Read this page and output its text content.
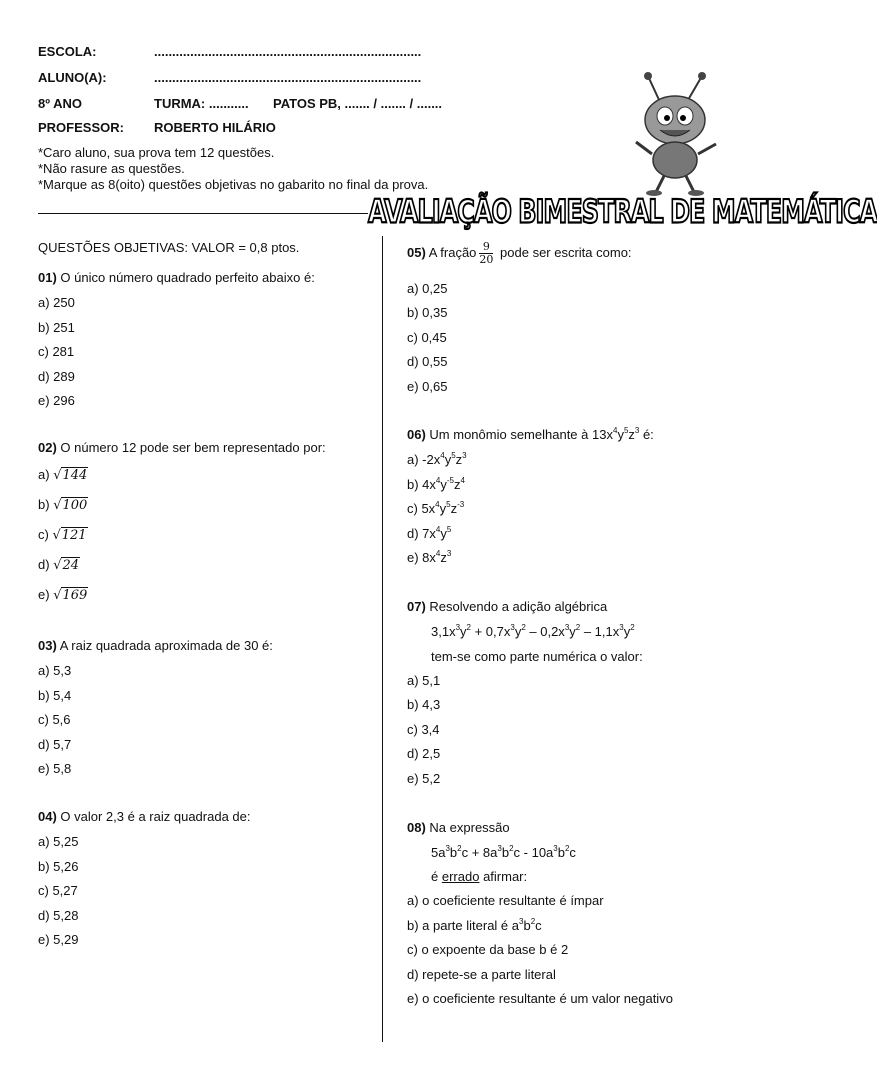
ESCOLA:	..........................................................................
ALUNO(A):	..........................................................................
8º ANO	TURMA: ........... PATOS PB, ....... / ....... / .......
PROFESSOR: ROBERTO HILÁRIO
*Caro aluno, sua prova tem 12 questões.
*Não rasure as questões.
*Marque as 8(oito) questões objetivas no gabarito no final da prova.
AVALIAÇÃO BIMESTRAL DE MATEMÁTICA
QUESTÕES OBJETIVAS: VALOR = 0,8 ptos.
01) O único número quadrado perfeito abaixo é:
a) 250
b) 251
c) 281
d) 289
e) 296
02) O número 12 pode ser bem representado por:
a) √144
b) √100
c) √121
d) √24
e) √169
03) A raiz quadrada aproximada de 30 é:
a) 5,3
b) 5,4
c) 5,6
d) 5,7
e) 5,8
04) O valor 2,3 é a raiz quadrada de:
a) 5,25
b) 5,26
c) 5,27
d) 5,28
e) 5,29
05) A fração $\frac{9}{20}$ pode ser escrita como:
a) 0,25
b) 0,35
c) 0,45
d) 0,55
e) 0,65
06) Um monômio semelhante à $13x^4y^5z^3$ é:
a) $-2x^4y^5z^3$
b) $4x^4y^{-5}z^4$
c) $5x^4y^5z^{-3}$
d) $7x^4y^5$
e) $8x^4z^3$
07) Resolvendo a adição algébrica
$3,1x^3y^2 + 0,7x^3y^2 - 0,2x^3y^2 - 1,1x^3y^2$
tem-se como parte numérica o valor:
a) 5,1
b) 4,3
c) 3,4
d) 2,5
e) 5,2
08) Na expressão
$5a^3b^2c + 8a^3b^2c - 10a^3b^2c$
é errado afirmar:
a) o coeficiente resultante é ímpar
b) a parte literal é $a^3b^2c$
c) o expoente da base b é 2
d) repete-se a parte literal
e) o coeficiente resultante é um valor negativo
